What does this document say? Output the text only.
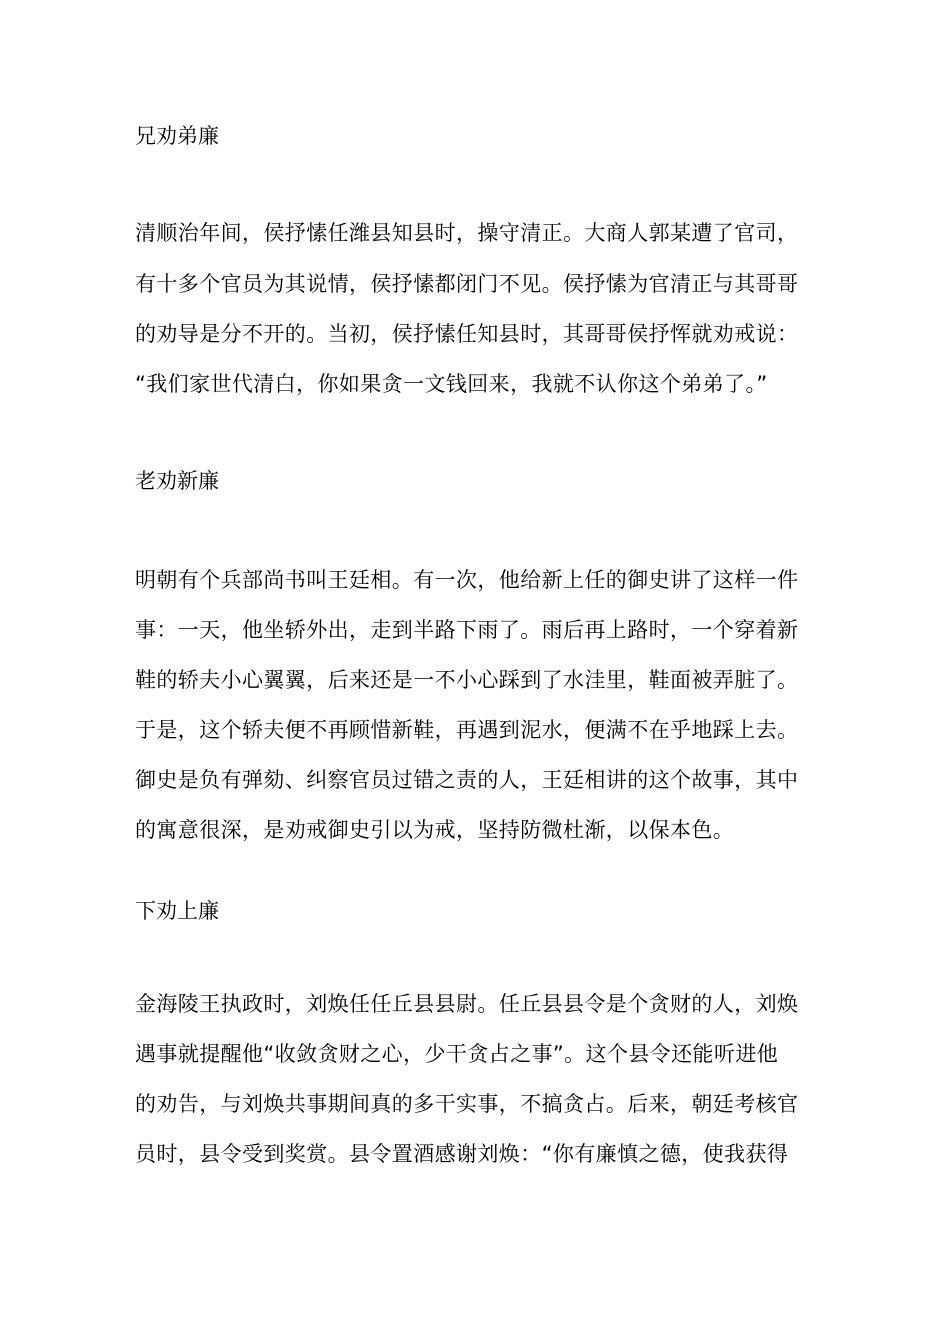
兄劝弟廉
清顺治年间，侯抒愫任潍县知县时，操守清正。大商人郭某遭了官司，
有十多个官员为其说情，侯抒愫都闭门不见。侯抒愫为官清正与其哥哥
的劝导是分不开的。当初，侯抒愫任知县时，其哥哥侯抒恽就劝戒说：
“我们家世代清白，你如果贪一文钱回来，我就不认你这个弟弟了。”
老劝新廉
明朝有个兵部尚书叫王廷相。有一次，他给新上任的御史讲了这样一件
事：一天，他坐轿外出，走到半路下雨了。雨后再上路时，一个穿着新
鞋的轿夫小心翼翼，后来还是一不小心踩到了水洼里，鞋面被弄脏了。
于是，这个轿夫便不再顾惜新鞋，再遇到泥水，便满不在乎地踩上去。
御史是负有弹劾、纠察官员过错之责的人，王廷相讲的这个故事，其中
的寓意很深，是劝戒御史引以为戒，坚持防微杜渐，以保本色。
下劝上廉
金海陵王执政时，刘焕任任丘县县尉。任丘县县令是个贪财的人，刘焕
遇事就提醒他“收敛贪财之心，少干贪占之事”。这个县令还能听进他
的劝告，与刘焕共事期间真的多干实事，不搞贪占。后来，朝廷考核官
员时，县令受到奖赏。县令置酒感谢刘焕：“你有廉慎之德，使我获得
